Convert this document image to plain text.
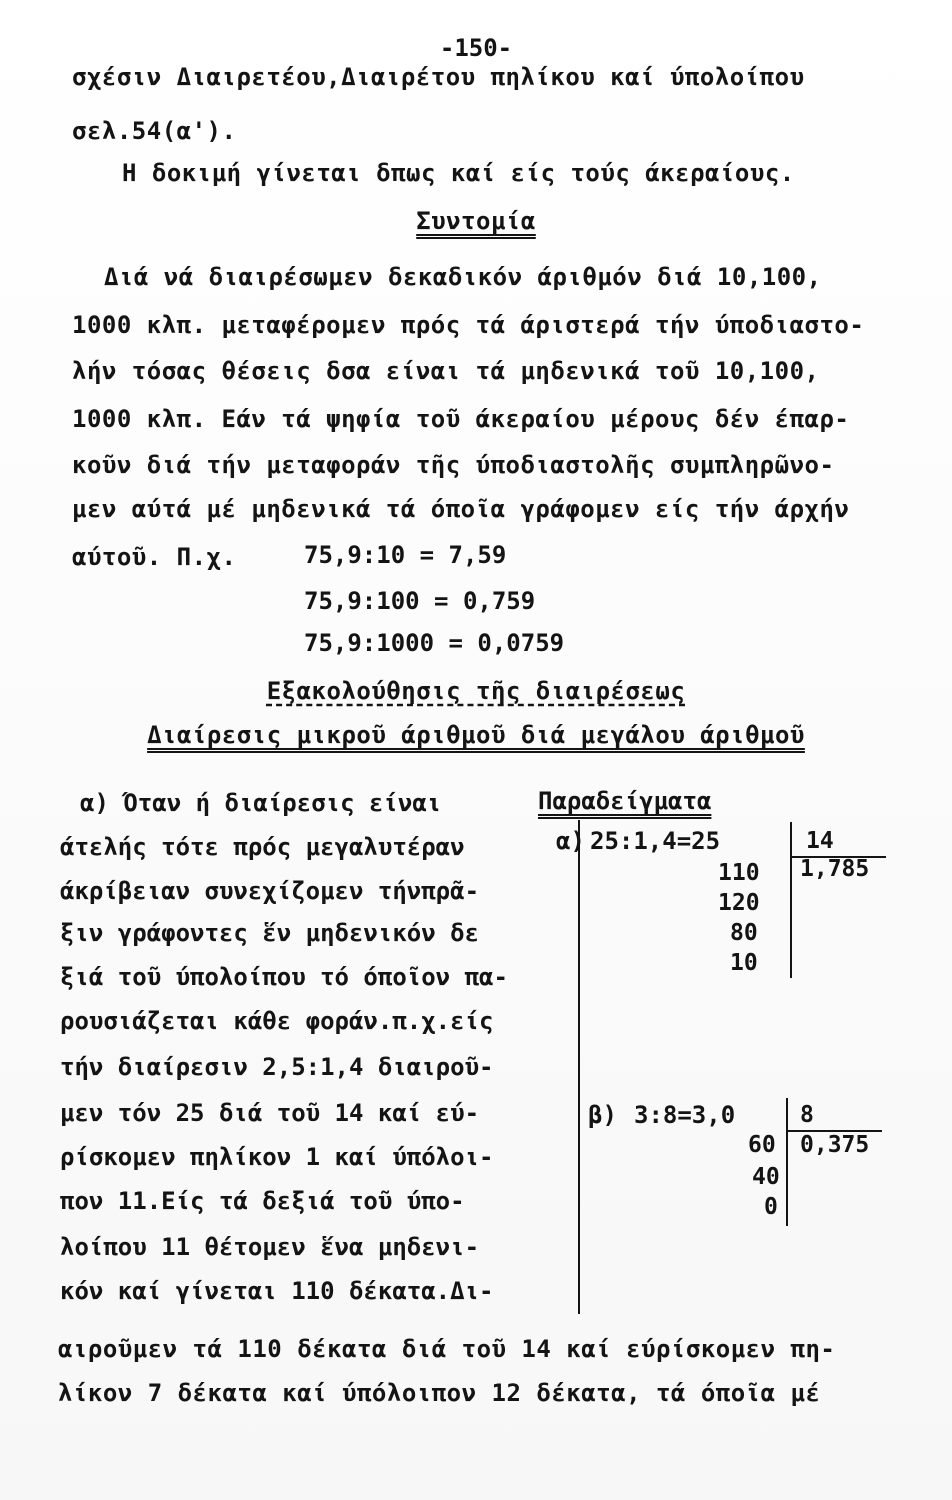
-150-
σχέσιν Διαιρετέου,Διαιρέτου πηλίκου καί ύπολοίπου
σελ.54(α').
Η δοκιμή γίνεται δπως καί είς τούς άκεραίους.
Συντομία
Διά νά διαιρέσωμεν δεκαδικόν άριθμόν διά 10,100,
1000 κλπ. μεταφέρομεν πρός τά άριστερά τήν ύποδιαστο-
λήν τόσας θέσεις δσα είναι τά μηδενικά τοῦ 10,100,
1000 κλπ. Εάν τά ψηφία τοῦ άκεραίου μέρους δέν έπαρ-
κοῦν διά τήν μεταφοράν τῆς ύποδιαστολῆς συμπληρῶνο-
μεν αύτά μέ μηδενικά τά όποῖα γράφομεν είς τήν άρχήν
αύτοῦ. Π.χ.	75,9:10 = 7,59
75,9:100 = 0,759
75,9:1000 = 0,0759
Εξακολούθησις τῆς διαιρέσεως
Διαίρεσις μικροῦ άριθμοῦ διά μεγάλου άριθμοῦ
α) Όταν ή διαίρεσις είναι
άτελής τότε πρός μεγαλυτέραν
άκρίβειαν συνεχίζομεν τήνπρᾶ-
ξιν γράφοντες ἕν μηδενικόν δε
ξιά τοῦ ύπολοίπου τό όποῖον πα-
ρουσιάζεται κάθε φοράν.π.χ.είς
τήν διαίρεσιν 2,5:1,4 διαιροῦ-
μεν τόν 25 διά τοῦ 14 καί εύ-
ρίσκομεν πηλίκον 1 καί ύπόλοι-
πον 11.Είς τά δεξιά τοῦ ύπο-
λοίπου 11 θέτομεν ἕνα μηδενι-
κόν καί γίνεται 110 δέκατα.Δι-
Παραδείγματα
α) 25:1,4=25	14
1,785
110
120
80
10
β) 3:8=3,0	8
0,375
60
40
0
αιροῦμεν τά 110 δέκατα διά τοῦ 14 καί εύρίσκομεν πη-
λίκον 7 δέκατα καί ύπόλοιπον 12 δέκατα, τά όποῖα μέ
